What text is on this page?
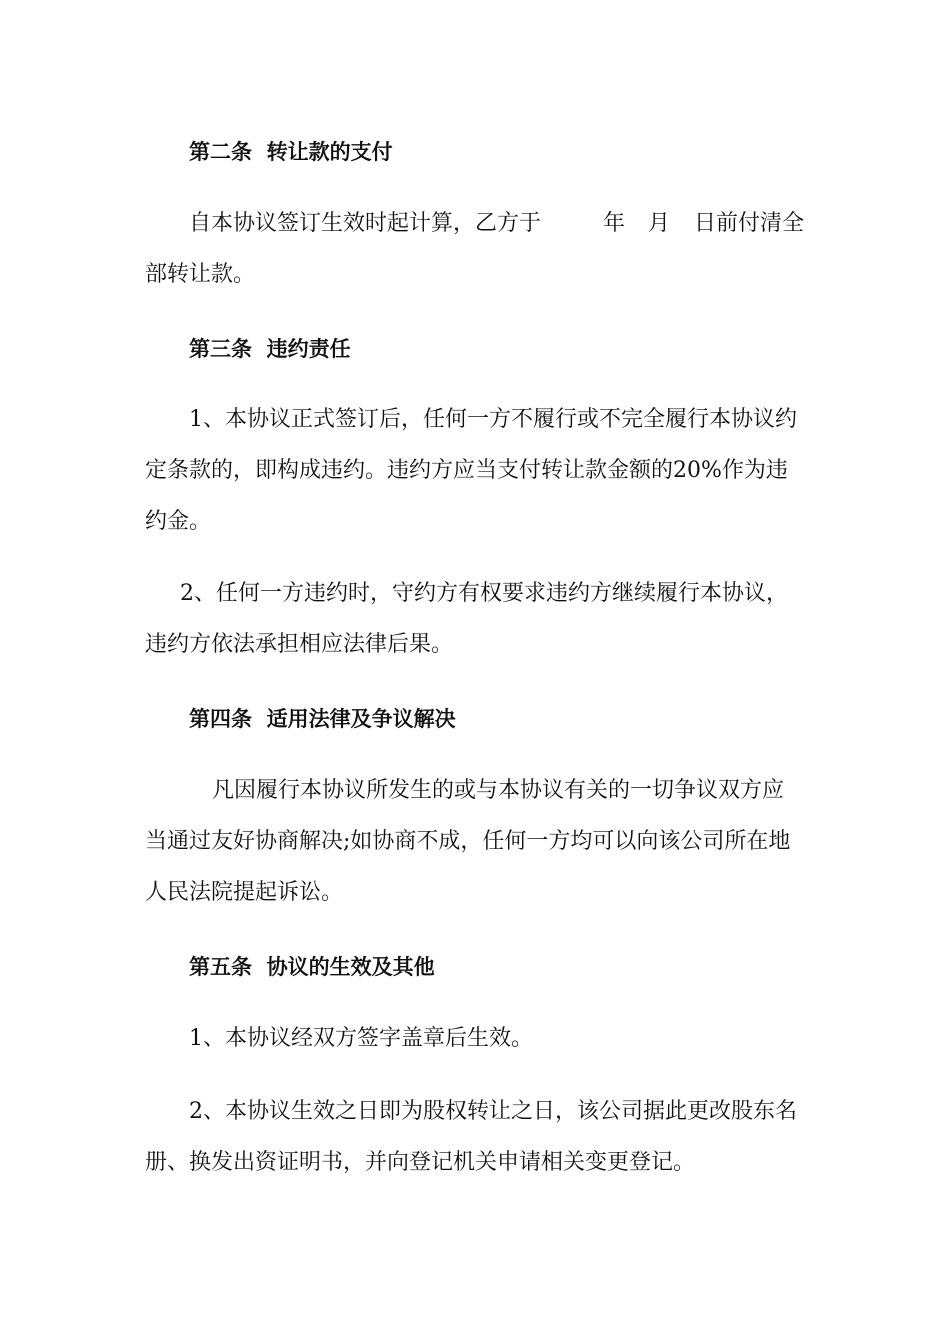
第二条  转让款的支付
自本协议签订生效时起计算，乙方于	年 月 日前付清全
部转让款。
第三条  违约责任
1、本协议正式签订后，任何一方不履行或不完全履行本协议约
定条款的，即构成违约。违约方应当支付转让款金额的20%作为违
约金。
2、任何一方违约时，守约方有权要求违约方继续履行本协议，
违约方依法承担相应法律后果。
第四条  适用法律及争议解决
凡因履行本协议所发生的或与本协议有关的一切争议双方应
当通过友好协商解决;如协商不成，任何一方均可以向该公司所在地
人民法院提起诉讼。
第五条  协议的生效及其他
1、本协议经双方签字盖章后生效。
2、本协议生效之日即为股权转让之日，该公司据此更改股东名
册、换发出资证明书，并向登记机关申请相关变更登记。
